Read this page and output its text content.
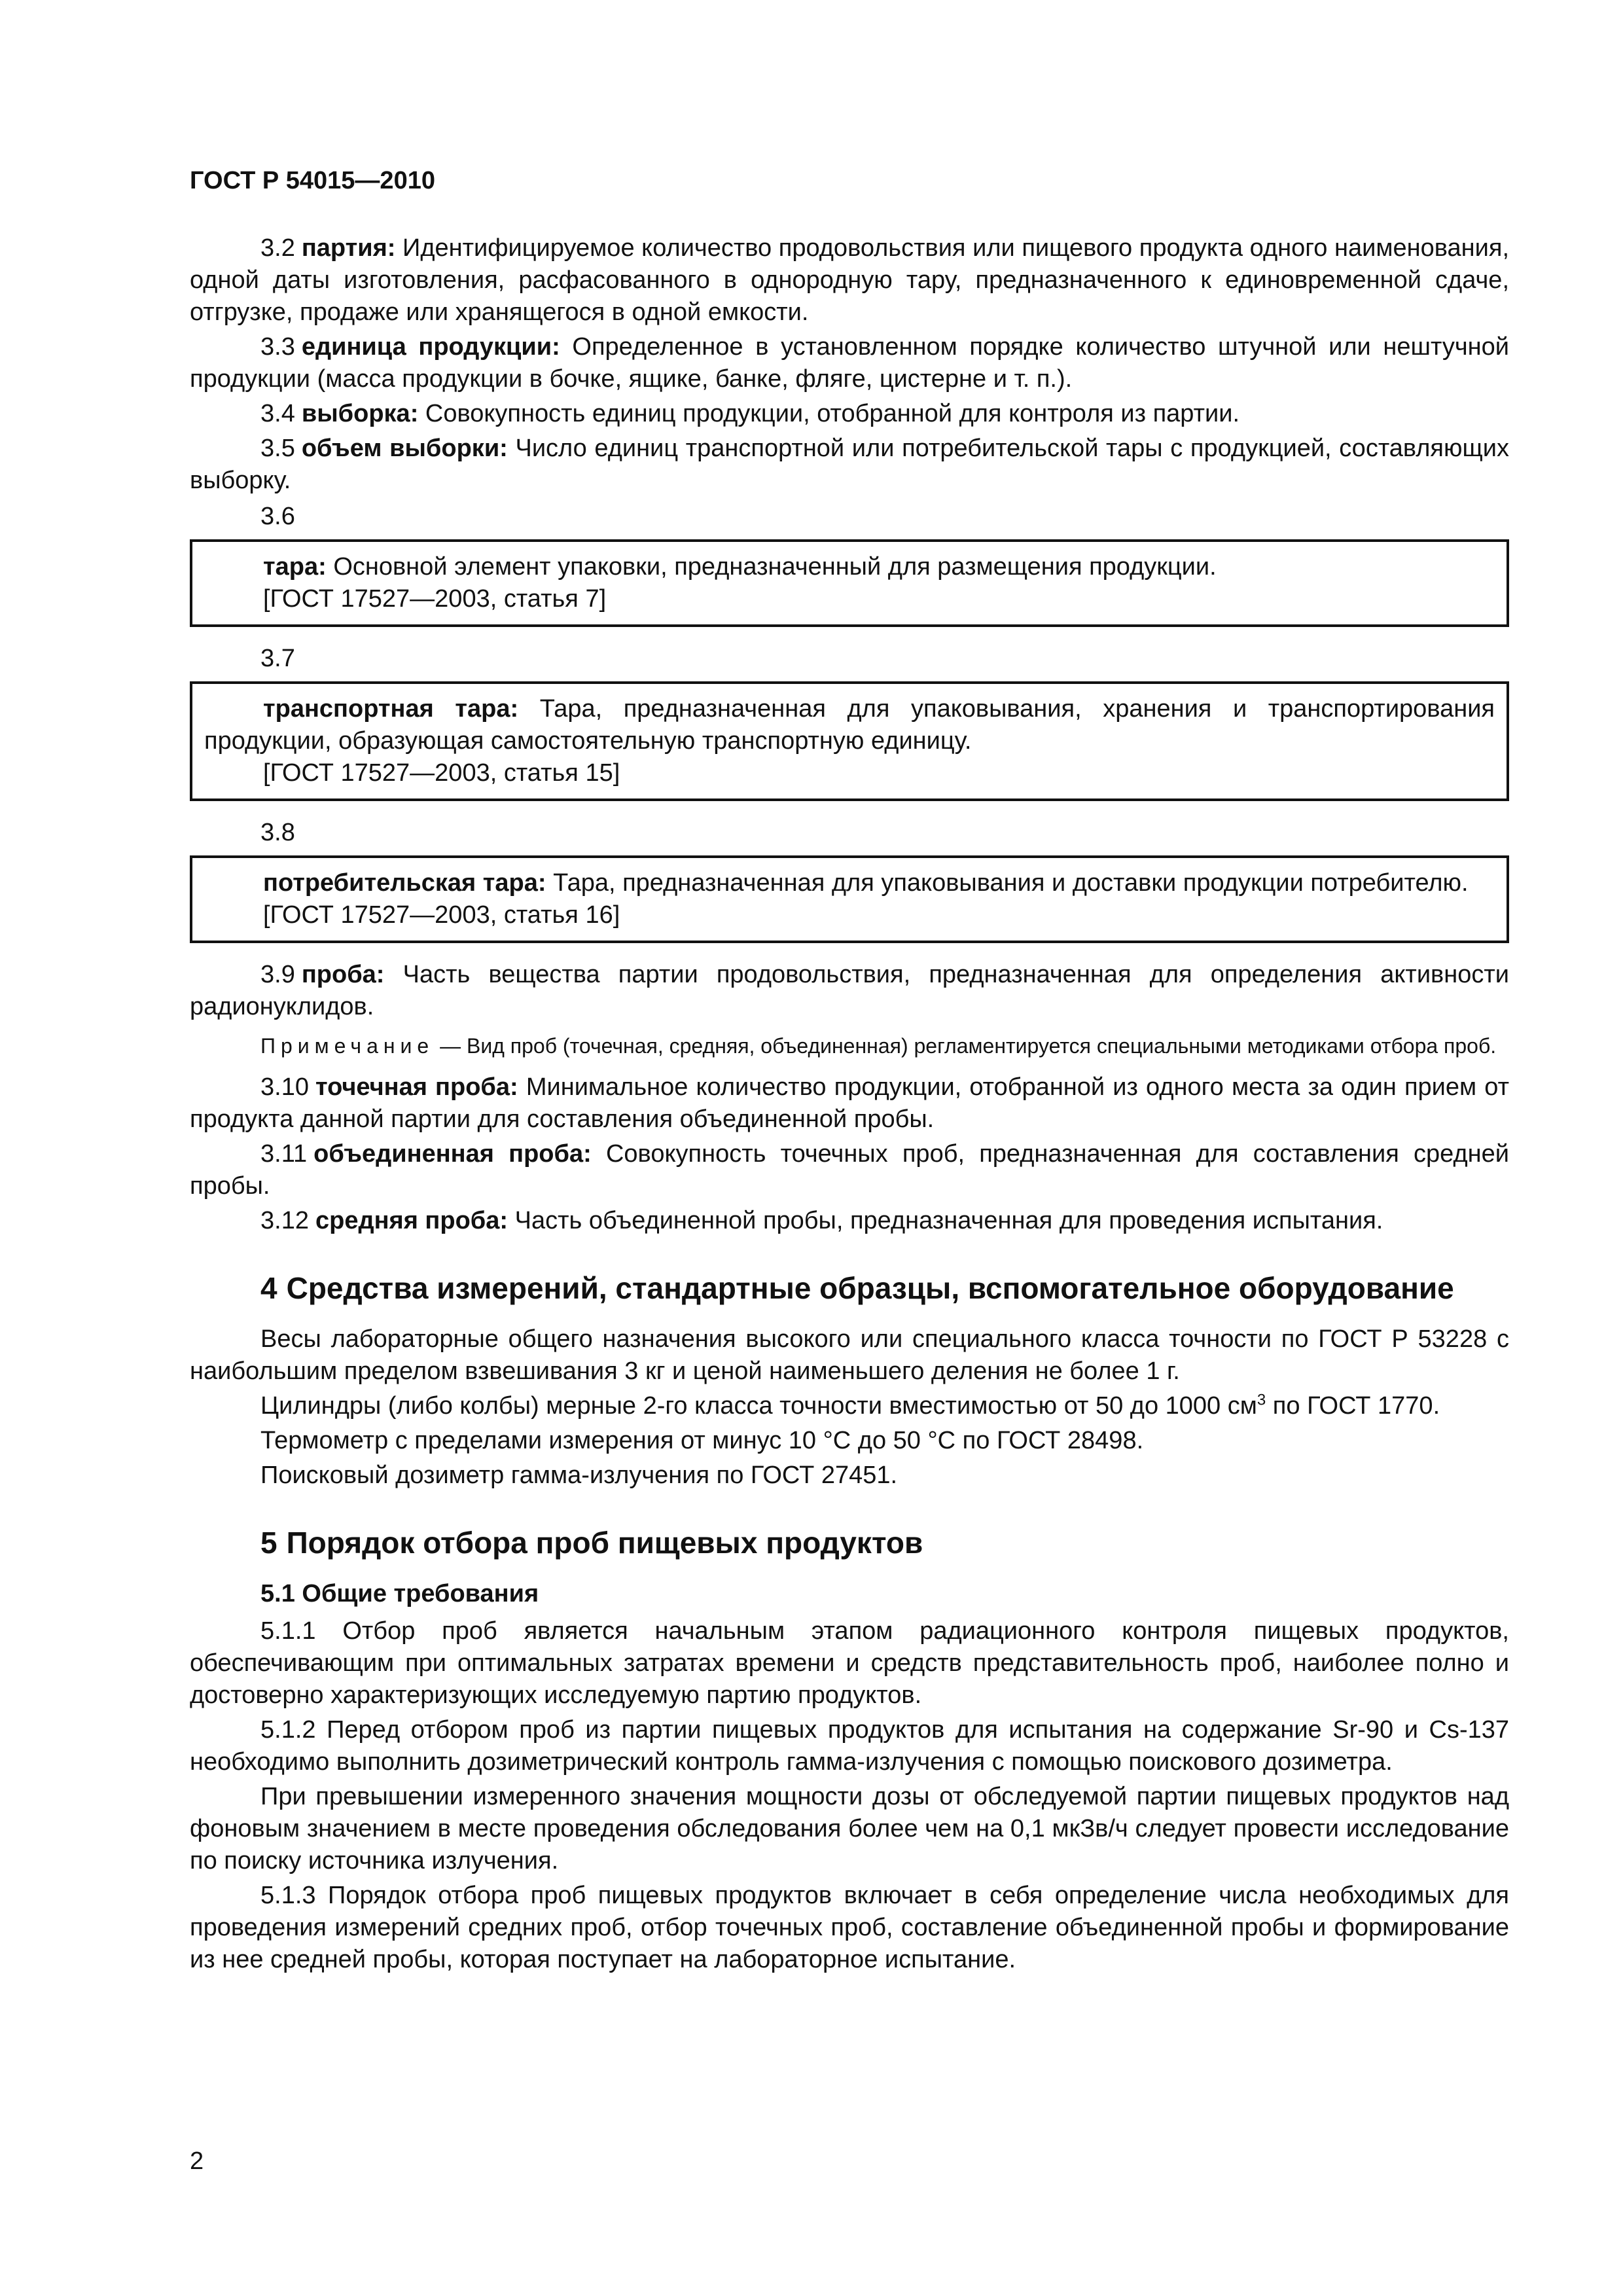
ГОСТ Р 54015—2010

3.2 партия: Идентифицируемое количество продовольствия или пищевого продукта одного наименования, одной даты изготовления, расфасованного в однородную тару, предназначенного к единовременной сдаче, отгрузке, продаже или хранящегося в одной емкости.

3.3 единица продукции: Определенное в установленном порядке количество штучной или нештучной продукции (масса продукции в бочке, ящике, банке, фляге, цистерне и т. п.).

3.4 выборка: Совокупность единиц продукции, отобранной для контроля из партии.

3.5 объем выборки: Число единиц транспортной или потребительской тары с продукцией, составляющих выборку.

3.6

тара: Основной элемент упаковки, предназначенный для размещения продукции.

[ГОСТ 17527—2003, статья 7]

3.7

транспортная тара: Тара, предназначенная для упаковывания, хранения и транспортирования продукции, образующая самостоятельную транспортную единицу.

[ГОСТ 17527—2003, статья 15]

3.8

потребительская тара: Тара, предназначенная для упаковывания и доставки продукции потребителю.

[ГОСТ 17527—2003, статья 16]

3.9 проба: Часть вещества партии продовольствия, предназначенная для определения активности радионуклидов.

Примечание — Вид проб (точечная, средняя, объединенная) регламентируется специальными методиками отбора проб.

3.10 точечная проба: Минимальное количество продукции, отобранной из одного места за один прием от продукта данной партии для составления объединенной пробы.

3.11 объединенная проба: Совокупность точечных проб, предназначенная для составления средней пробы.

3.12 средняя проба: Часть объединенной пробы, предназначенная для проведения испытания.

4 Средства измерений, стандартные образцы, вспомогательное оборудование

Весы лабораторные общего назначения высокого или специального класса точности по ГОСТ Р 53228 с наибольшим пределом взвешивания 3 кг и ценой наименьшего деления не более 1 г.

Цилиндры (либо колбы) мерные 2-го класса точности вместимостью от 50 до 1000 $см^3$ по ГОСТ 1770.

Термометр с пределами измерения от минус 10 °С до 50 °С по ГОСТ 28498.

Поисковый дозиметр гамма-излучения по ГОСТ 27451.

5 Порядок отбора проб пищевых продуктов
5.1 Общие требования

5.1.1 Отбор проб является начальным этапом радиационного контроля пищевых продуктов, обеспечивающим при оптимальных затратах времени и средств представительность проб, наиболее полно и достоверно характеризующих исследуемую партию продуктов.

5.1.2 Перед отбором проб из партии пищевых продуктов для испытания на содержание Sr-90 и Cs-137 необходимо выполнить дозиметрический контроль гамма-излучения с помощью поискового дозиметра.

При превышении измеренного значения мощности дозы от обследуемой партии пищевых продуктов над фоновым значением в месте проведения обследования более чем на 0,1 мкЗв/ч следует провести исследование по поиску источника излучения.

5.1.3 Порядок отбора проб пищевых продуктов включает в себя определение числа необходимых для проведения измерений средних проб, отбор точечных проб, составление объединенной пробы и формирование из нее средней пробы, которая поступает на лабораторное испытание.

2
